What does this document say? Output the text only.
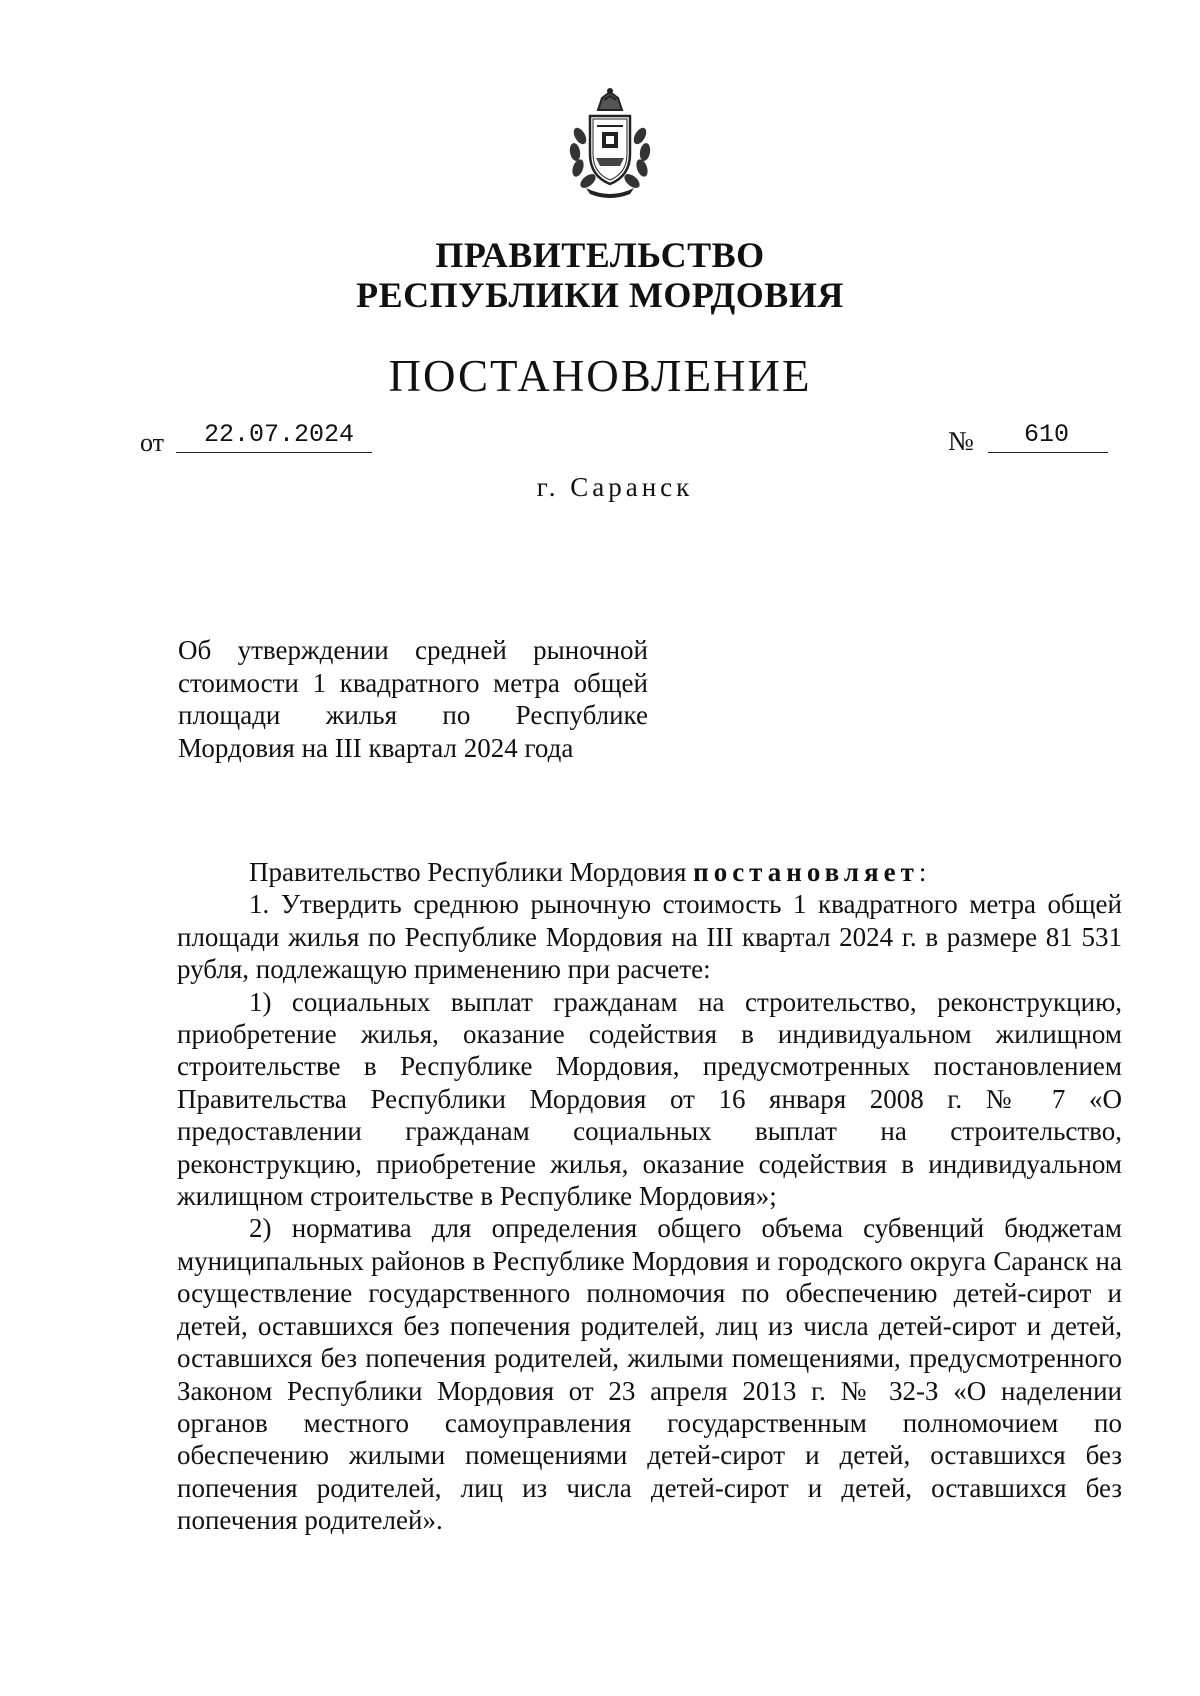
ПРАВИТЕЛЬСТВО
РЕСПУБЛИКИ МОРДОВИЯ
ПОСТАНОВЛЕНИЕ
от	22.07.2024	№	610
г. Саранск
Об утверждении средней рыночной
стоимости 1 квадратного метра общей
площади жилья по Республике
Мордовия на III квартал 2024 года

Правительство Республики Мордовия постановляет:

1. Утвердить среднюю рыночную стоимость 1 квадратного метра общей площади жилья по Республике Мордовия на III квартал 2024 г. в размере 81 531 рубля, подлежащую применению при расчете:

1) социальных выплат гражданам на строительство, реконструкцию, приобретение жилья, оказание содействия в индивидуальном жилищном строительстве в Республике Мордовия, предусмотренных постановлением Правительства Республики Мордовия от 16 января 2008 г. № 7 «О предоставлении гражданам социальных выплат на строительство, реконструкцию, приобретение жилья, оказание содействия в индивидуальном жилищном строительстве в Республике Мордовия»;

2) норматива для определения общего объема субвенций бюджетам муниципальных районов в Республике Мордовия и городского округа Саранск на осуществление государственного полномочия по обеспечению детей-сирот и детей, оставшихся без попечения родителей, лиц из числа детей-сирот и детей, оставшихся без попечения родителей, жилыми помещениями, предусмотренного Законом Республики Мордовия от 23 апреля 2013 г. № 32-З «О наделении органов местного самоуправления государственным полномочием по обеспечению жилыми помещениями детей-сирот и детей, оставшихся без попечения родителей, лиц из числа детей-сирот и детей, оставшихся без попечения родителей».
